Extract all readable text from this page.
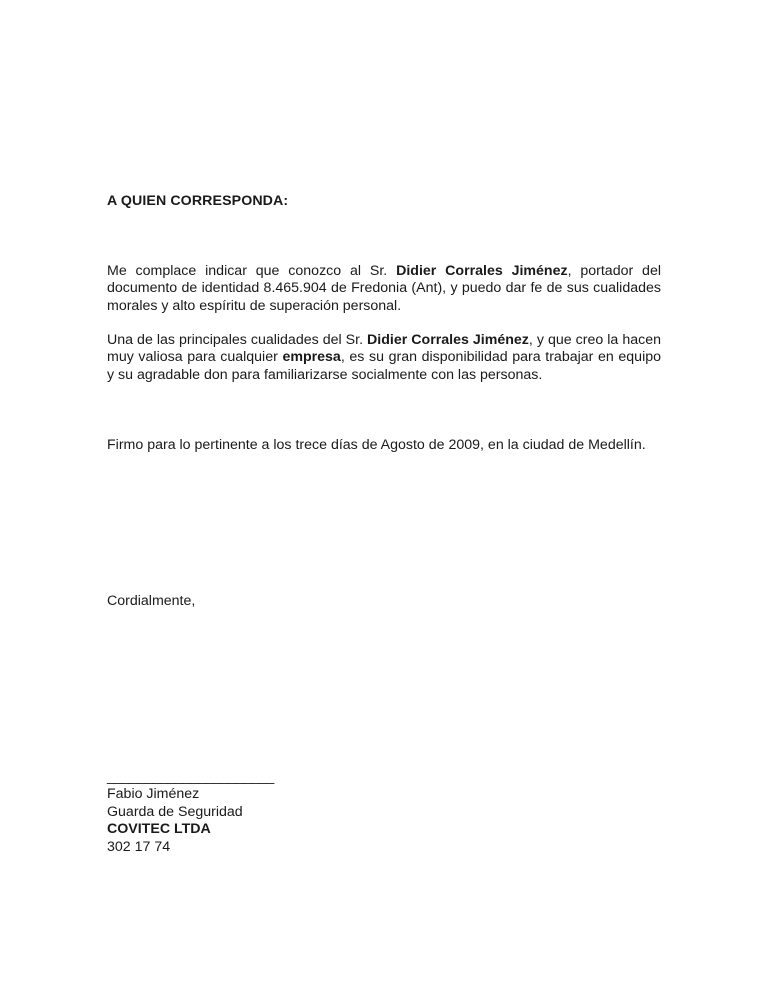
A QUIEN CORRESPONDA:
Me complace indicar que conozco al Sr. Didier Corrales Jiménez, portador del documento de identidad 8.465.904 de Fredonia (Ant), y puedo dar fe de sus cualidades morales y alto espíritu de superación personal.
Una de las principales cualidades del Sr. Didier Corrales Jiménez, y que creo la hacen muy valiosa para cualquier empresa, es su gran disponibilidad para trabajar en equipo y su agradable don para familiarizarse socialmente con las personas.
Firmo para lo pertinente a los trece días de Agosto de 2009, en la ciudad de Medellín.
Cordialmente,
______________________
Fabio Jiménez
Guarda de Seguridad
COVITEC LTDA
302 17 74
